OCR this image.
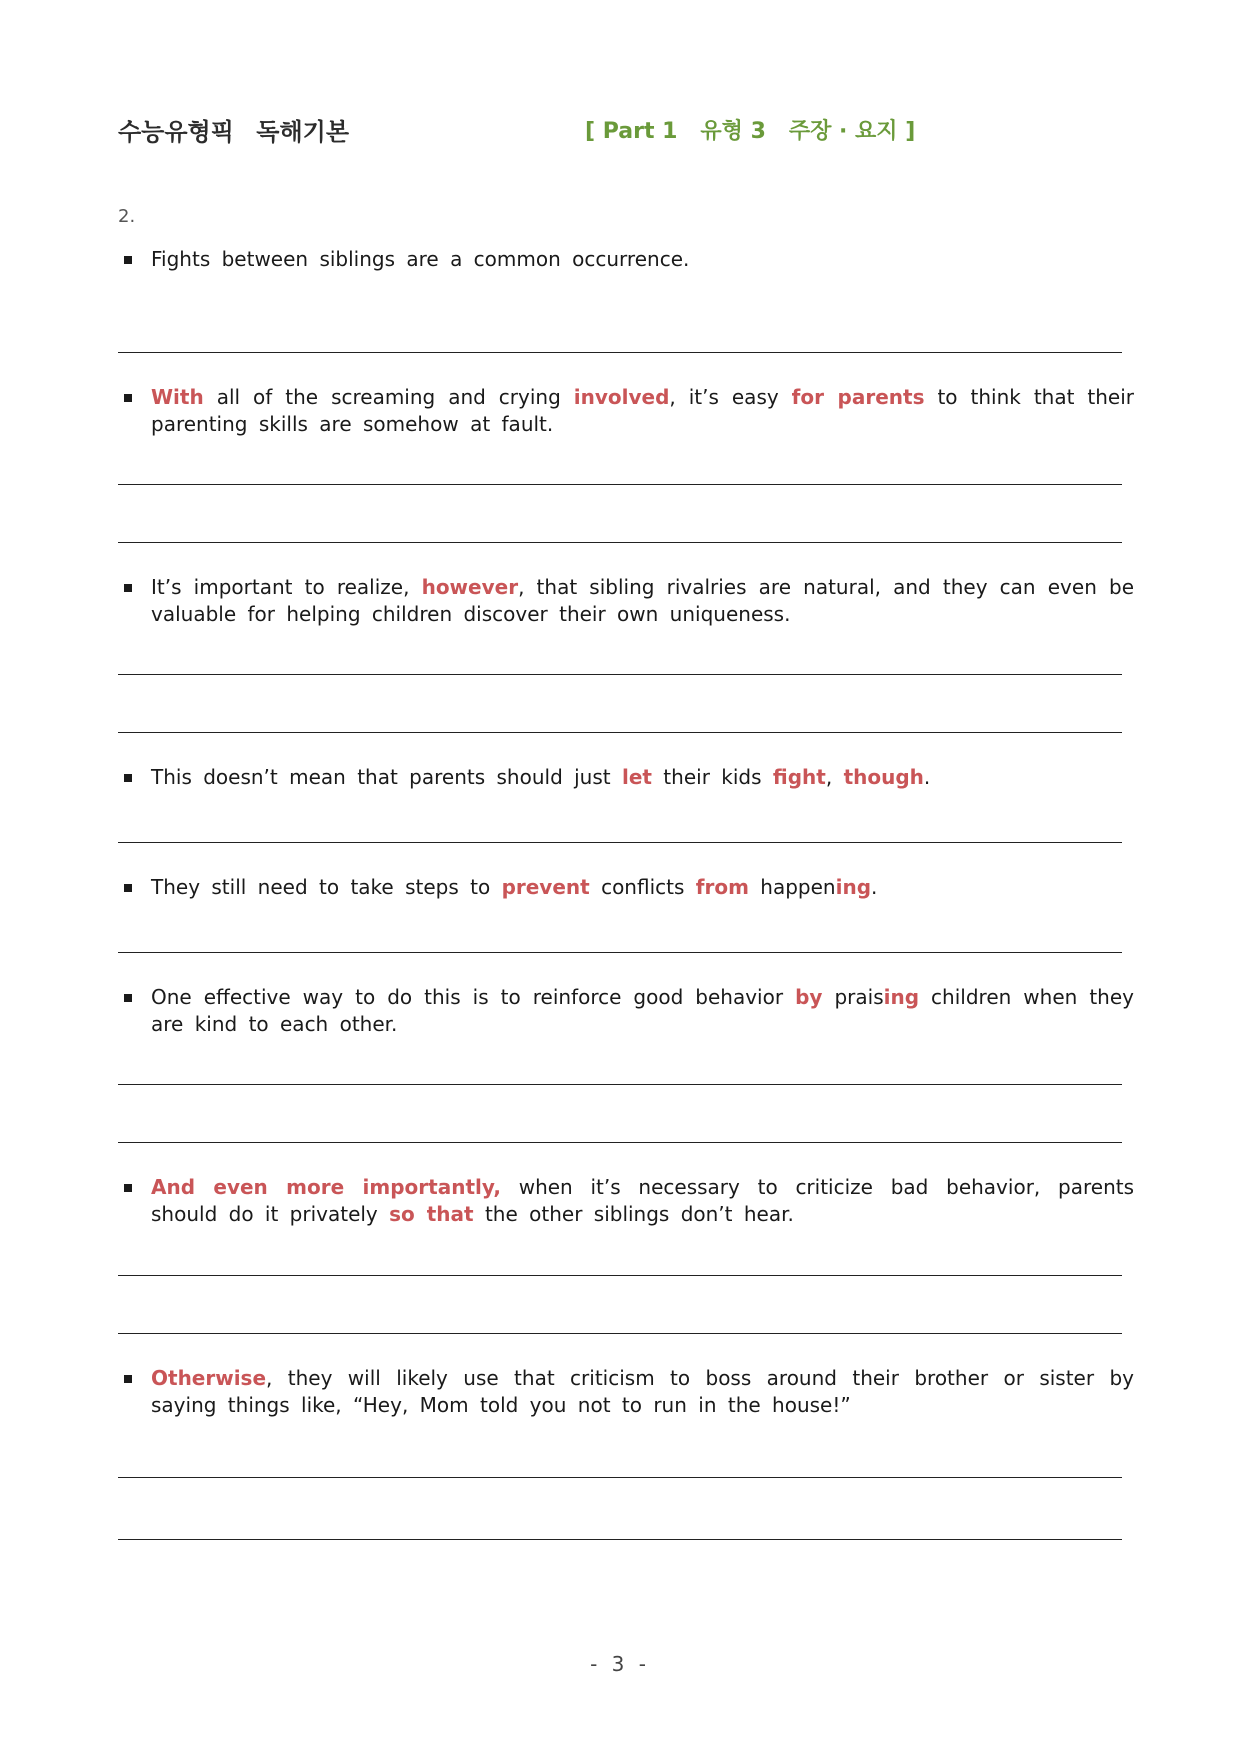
수능유형픽 독해기본	[ Part 1   유형 3   주장 · 요지 ]
2.
Fights between siblings are a common occurrence.
With all of the screaming and crying involved, it’s easy for parents to think that their parenting skills are somehow at fault.
It’s important to realize, however, that sibling rivalries are natural, and they can even be valuable for helping children discover their own uniqueness.
This doesn’t mean that parents should just let their kids fight, though.
They still need to take steps to prevent conflicts from happening.
One effective way to do this is to reinforce good behavior by praising children when they are kind to each other.
And even more importantly, when it’s necessary to criticize bad behavior, parents should do it privately so that the other siblings don’t hear.
Otherwise, they will likely use that criticism to boss around their brother or sister by saying things like, “Hey, Mom told you not to run in the house!”
- 3 -
